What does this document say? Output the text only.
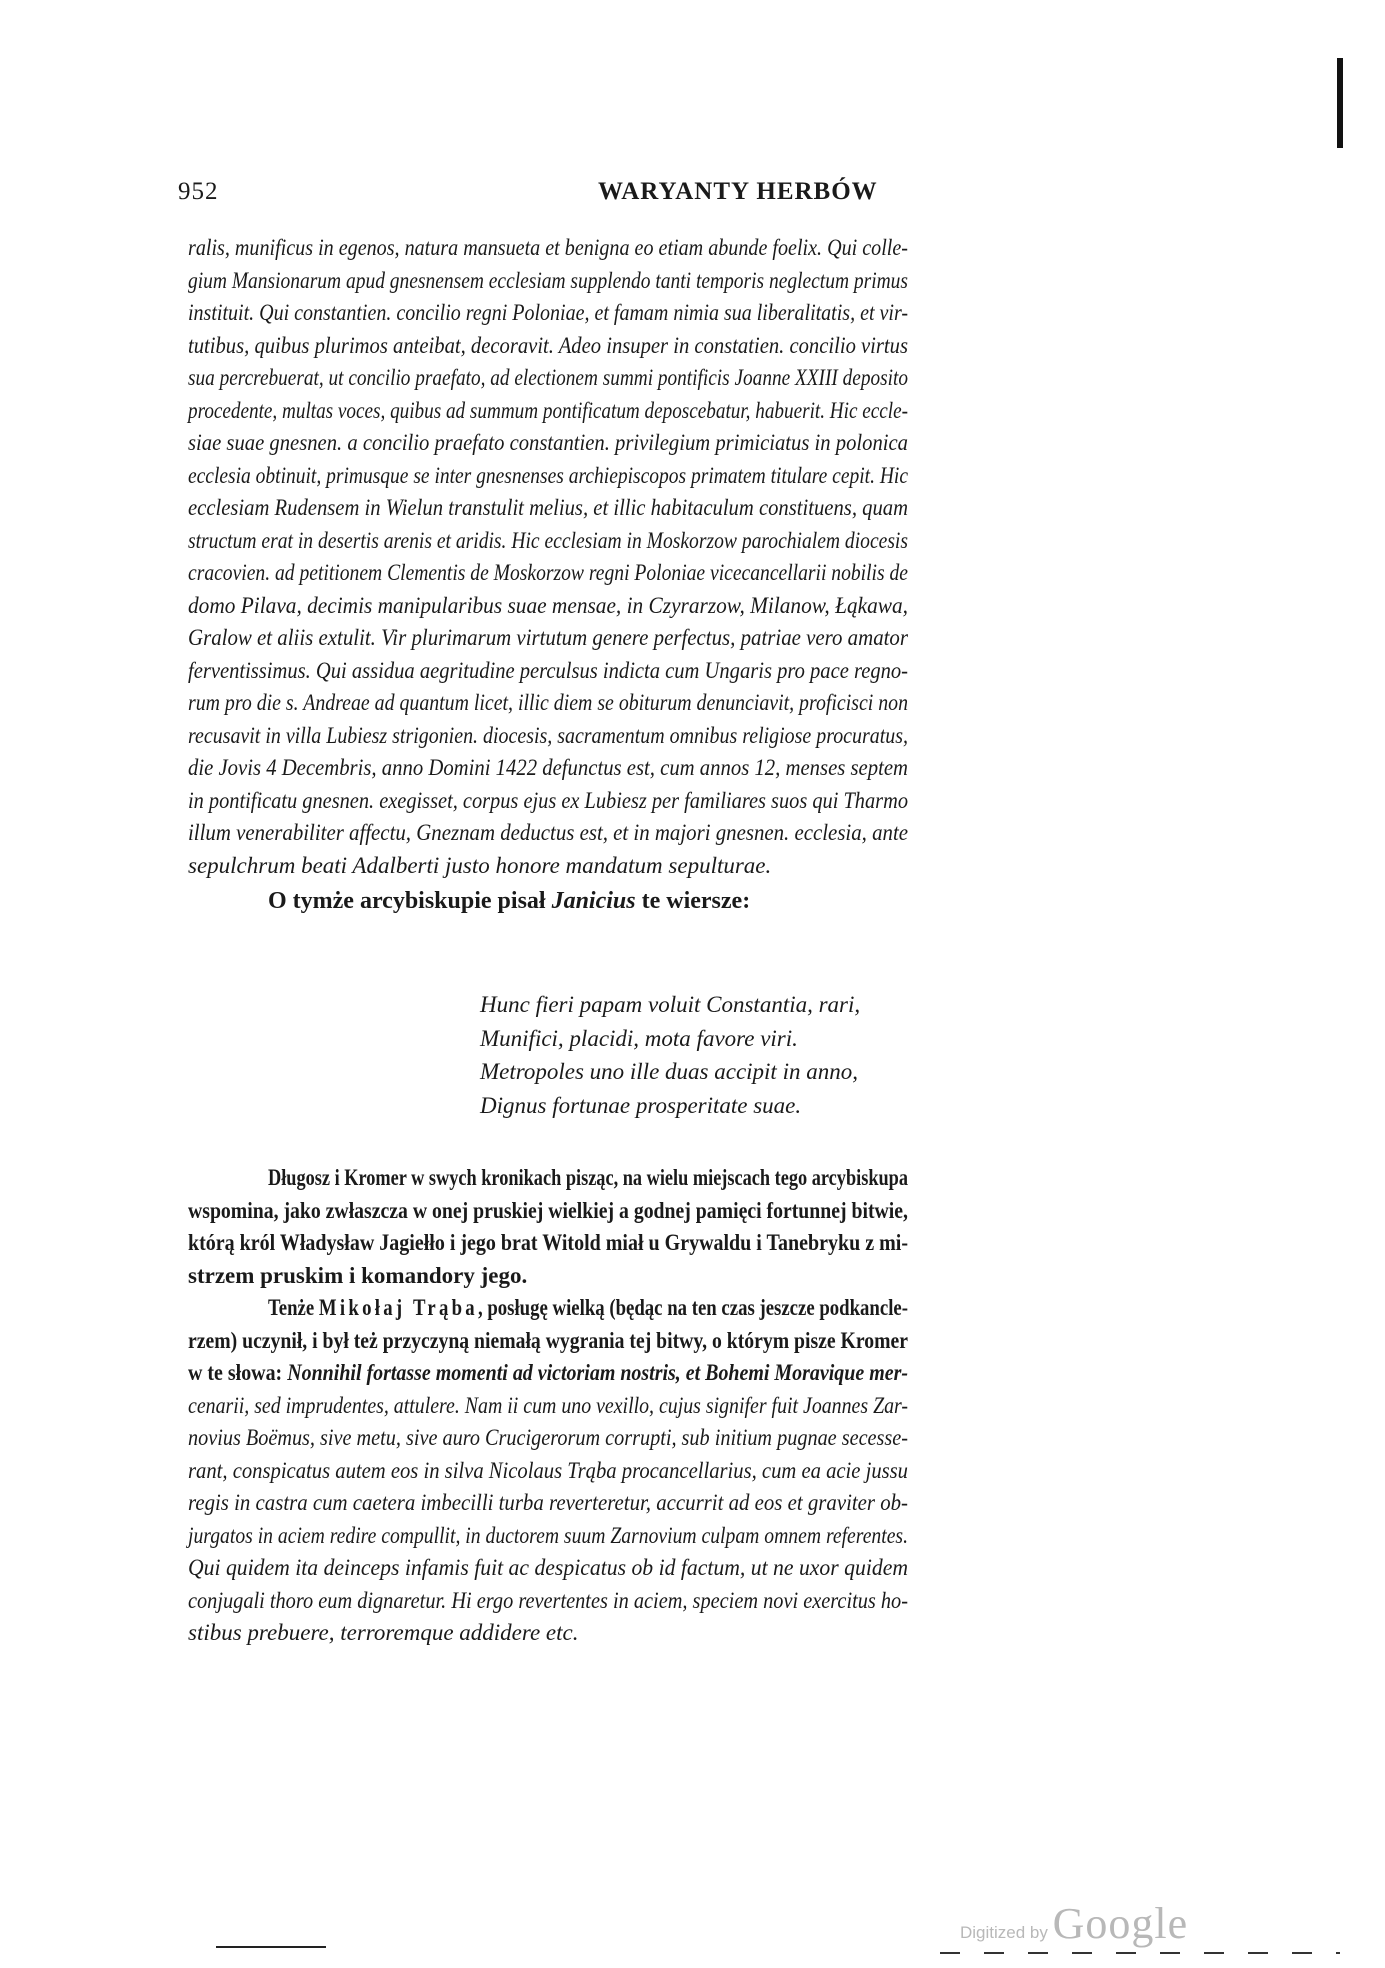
952	WARYANTY HERBÓW
ralis, munificus in egenos, natura mansueta et benigna eo etiam abunde foelix. Qui colle-
gium Mansionarum apud gnesnensem ecclesiam supplendo tanti temporis neglectum primus
instituit. Qui constantien. concilio regni Poloniae, et famam nimia sua liberalitatis, et vir-
tutibus, quibus plurimos anteibat, decoravit. Adeo insuper in constatien. concilio virtus
sua percrebuerat, ut concilio praefato, ad electionem summi pontificis Joanne XXIII deposito
procedente, multas voces, quibus ad summum pontificatum deposcebatur, habuerit. Hic eccle-
siae suae gnesnen. a concilio praefato constantien. privilegium primiciatus in polonica
ecclesia obtinuit, primusque se inter gnesnenses archiepiscopos primatem titulare cepit. Hic
ecclesiam Rudensem in Wielun transtulit melius, et illic habitaculum constituens, quam
structum erat in desertis arenis et aridis. Hic ecclesiam in Moskorzow parochialem diocesis
cracovien. ad petitionem Clementis de Moskorzow regni Poloniae vicecancellarii nobilis de
domo Pilava, decimis manipularibus suae mensae, in Czyrarzow, Milanow, Łąkawa,
Gralow et aliis extulit. Vir plurimarum virtutum genere perfectus, patriae vero amator
ferventissimus. Qui assidua aegritudine perculsus indicta cum Ungaris pro pace regno-
rum pro die s. Andreae ad quantum licet, illic diem se obiturum denunciavit, proficisci non
recusavit in villa Lubiesz strigonien. diocesis, sacramentum omnibus religiose procuratus,
die Jovis 4 Decembris, anno Domini 1422 defunctus est, cum annos 12, menses septem
in pontificatu gnesnen. exegisset, corpus ejus ex Lubiesz per familiares suos qui Tharmo
illum venerabiliter affectu, Gneznam deductus est, et in majori gnesnen. ecclesia, ante
sepulchrum beati Adalberti justo honore mandatum sepulturae.
O tymże arcybiskupie pisał Janicius te wiersze:
Hunc fieri papam voluit Constantia, rari,
Munifici, placidi, mota favore viri.
Metropoles uno ille duas accipit in anno,
Dignus fortunae prosperitate suae.
Długosz i Kromer w swych kronikach pisząc, na wielu miejscach tego arcybiskupa
wspomina, jako zwłaszcza w onej pruskiej wielkiej a godnej pamięci fortunnej bitwie,
którą król Władysław Jagiełło i jego brat Witold miał u Grywaldu i Tanebryku z mi-
strzem pruskim i komandory jego.
Tenże Mikołaj Trąba, posługę wielką (będąc na ten czas jeszcze podkancle-
rzem) uczynił, i był też przyczyną niemałą wygrania tej bitwy, o którym pisze Kromer
w te słowa: Nonnihil fortasse momenti ad victoriam nostris, et Bohemi Moravique mer-
cenarii, sed imprudentes, attulere. Nam ii cum uno vexillo, cujus signifer fuit Joannes Zar-
novius Boëmus, sive metu, sive auro Crucigerorum corrupti, sub initium pugnae secesse-
rant, conspicatus autem eos in silva Nicolaus Trąba procancellarius, cum ea acie jussu
regis in castra cum caetera imbecilli turba reverteretur, accurrit ad eos et graviter ob-
jurgatos in aciem redire compullit, in ductorem suum Zarnovium culpam omnem referentes.
Qui quidem ita deinceps infamis fuit ac despicatus ob id factum, ut ne uxor quidem
conjugali thoro eum dignaretur. Hi ergo revertentes in aciem, speciem novi exercitus ho-
stibus prebuere, terroremque addidere etc.
Digitized by Google
